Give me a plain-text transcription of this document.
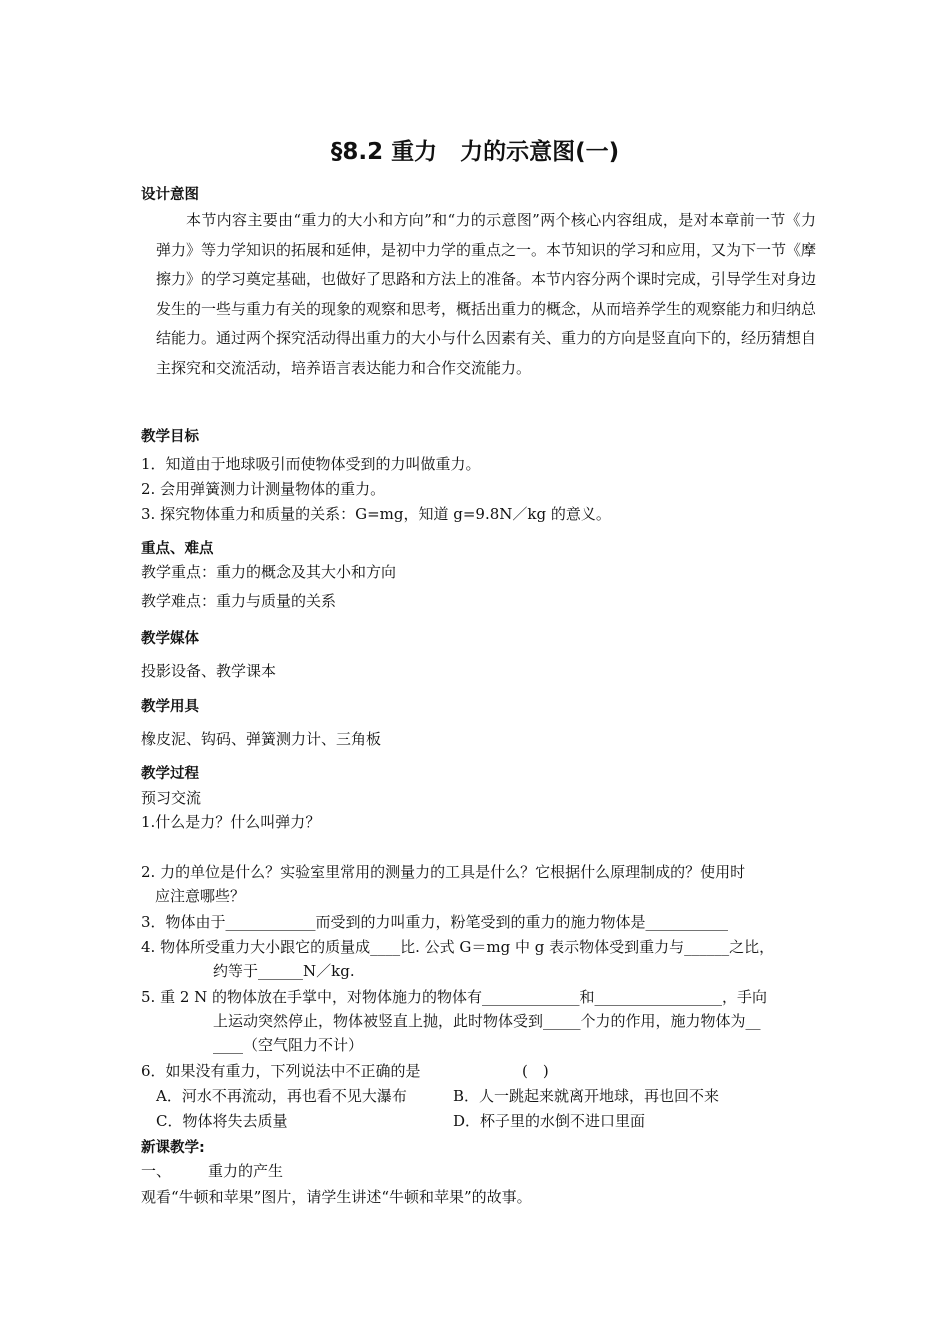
§8.2 重力　力的示意图(一)
设计意图
本节内容主要由“重力的大小和方向”和“力的示意图”两个核心内容组成，是对本章前一节《力　弹力》等力学知识的拓展和延伸，是初中力学的重点之一。本节知识的学习和应用，又为下一节《摩擦力》的学习奠定基础，也做好了思路和方法上的准备。本节内容分两个课时完成，引导学生对身边发生的一些与重力有关的现象的观察和思考，概括出重力的概念，从而培养学生的观察能力和归纳总结能力。通过两个探究活动得出重力的大小与什么因素有关、重力的方向是竖直向下的，经历猜想自主探究和交流活动，培养语言表达能力和合作交流能力。
教学目标
1．知道由于地球吸引而使物体受到的力叫做重力。
2. 会用弹簧测力计测量物体的重力。
3. 探究物体重力和质量的关系：G=mg，知道 g=9.8N／kg 的意义。
重点、难点
教学重点：重力的概念及其大小和方向
教学难点：重力与质量的关系
教学媒体
投影设备、教学课本
教学用具
橡皮泥、钩码、弹簧测力计、三角板
教学过程
预习交流
1.什么是力？什么叫弹力？
2. 力的单位是什么？实验室里常用的测量力的工具是什么？它根据什么原理制成的？使用时
应注意哪些？
3．物体由于____________而受到的力叫重力，粉笔受到的重力的施力物体是___________
4. 物体所受重力大小跟它的质量成____比. 公式 G＝mg 中 g 表示物体受到重力与______之比，
约等于______N／kg.
5. 重 2 N 的物体放在手掌中，对物体施力的物体有_____________和_________________，手向
上运动突然停止，物体被竖直上抛，此时物体受到_____个力的作用，施力物体为__
____（空气阻力不计）
6．如果没有重力，下列说法中不正确的是	(　)
A．河水不再流动，再也看不见大瀑布	B．人一跳起来就离开地球，再也回不来
C．物体将失去质量	D．杯子里的水倒不进口里面
新课教学:
一、 重力的产生
观看“牛顿和苹果”图片，请学生讲述“牛顿和苹果”的故事。
